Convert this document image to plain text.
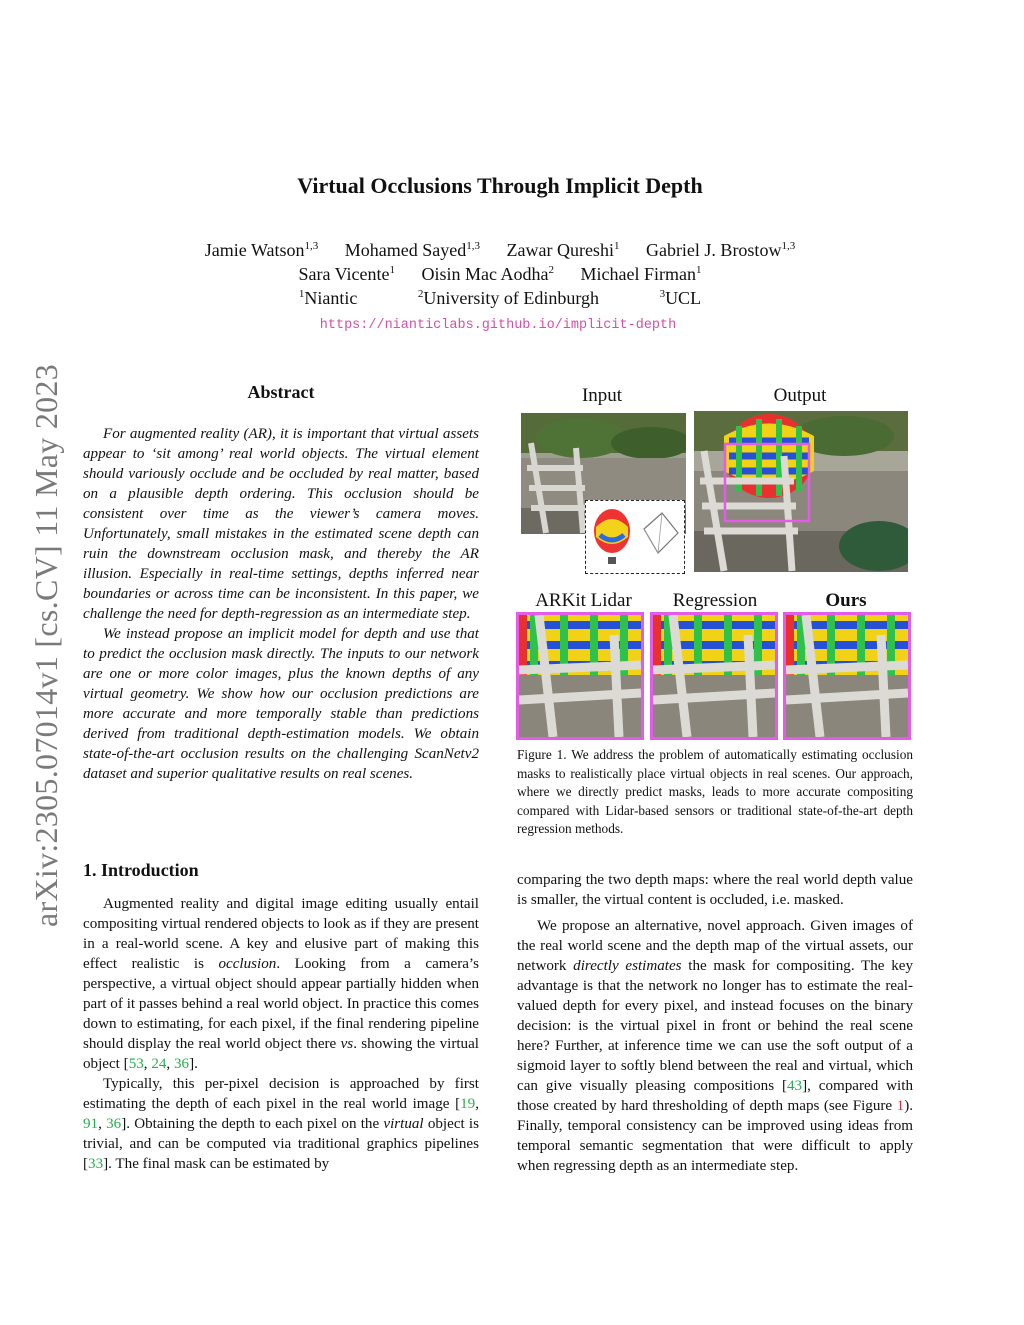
arXiv:2305.07014v1 [cs.CV] 11 May 2023
Virtual Occlusions Through Implicit Depth
Jamie Watson$^{1,3}$ Mohamed Sayed$^{1,3}$ Zawar Qureshi$^1$ Gabriel J. Brostow$^{1,3}$
Sara Vicente$^1$ Oisin Mac Aodha$^2$ Michael Firman$^1$
$^1$Niantic	$^2$University of Edinburgh	$^3$UCL
https://nianticlabs.github.io/implicit-depth
Abstract

For augmented reality (AR), it is important that virtual assets appear to ‘sit among’ real world objects. The virtual element should variously occlude and be occluded by real matter, based on a plausible depth ordering. This occlusion should be consistent over time as the viewer’s camera moves. Unfortunately, small mistakes in the estimated scene depth can ruin the downstream occlusion mask, and thereby the AR illusion. Especially in real-time settings, depths inferred near boundaries or across time can be inconsistent. In this paper, we challenge the need for depth-regression as an intermediate step.

We instead propose an implicit model for depth and use that to predict the occlusion mask directly. The inputs to our network are one or more color images, plus the known depths of any virtual geometry. We show how our occlusion predictions are more accurate and more temporally stable than predictions derived from traditional depth-estimation models. We obtain state-of-the-art occlusion results on the challenging ScanNetv2 dataset and superior qualitative results on real scenes.

1. Introduction

Augmented reality and digital image editing usually entail compositing virtual rendered objects to look as if they are present in a real-world scene. A key and elusive part of making this effect realistic is occlusion. Looking from a camera’s perspective, a virtual object should appear partially hidden when part of it passes behind a real world object. In practice this comes down to estimating, for each pixel, if the final rendering pipeline should display the real world object there vs. showing the virtual object [53, 24, 36].

Typically, this per-pixel decision is approached by first estimating the depth of each pixel in the real world image [19, 91, 36]. Obtaining the depth to each pixel on the virtual object is trivial, and can be computed via traditional graphics pipelines [33]. The final mask can be estimated by

comparing the two depth maps: where the real world depth value is smaller, the virtual content is occluded, i.e. masked.

We propose an alternative, novel approach. Given images of the real world scene and the depth map of the virtual assets, our network directly estimates the mask for compositing. The key advantage is that the network no longer has to estimate the real-valued depth for every pixel, and instead focuses on the binary decision: is the virtual pixel in front or behind the real scene here? Further, at inference time we can use the soft output of a sigmoid layer to softly blend between the real and virtual, which can give visually pleasing compositions [43], compared with those created by hard thresholding of depth maps (see Figure 1). Finally, temporal consistency can be improved using ideas from temporal semantic segmentation that were difficult to apply when regressing depth as an intermediate step.

Input	Output
ARKit Lidar	Regression	Ours
Figure 1. We address the problem of automatically estimating occlusion masks to realistically place virtual objects in real scenes. Our approach, where we directly predict masks, leads to more accurate compositing compared with Lidar-based sensors or traditional state-of-the-art depth regression methods.
